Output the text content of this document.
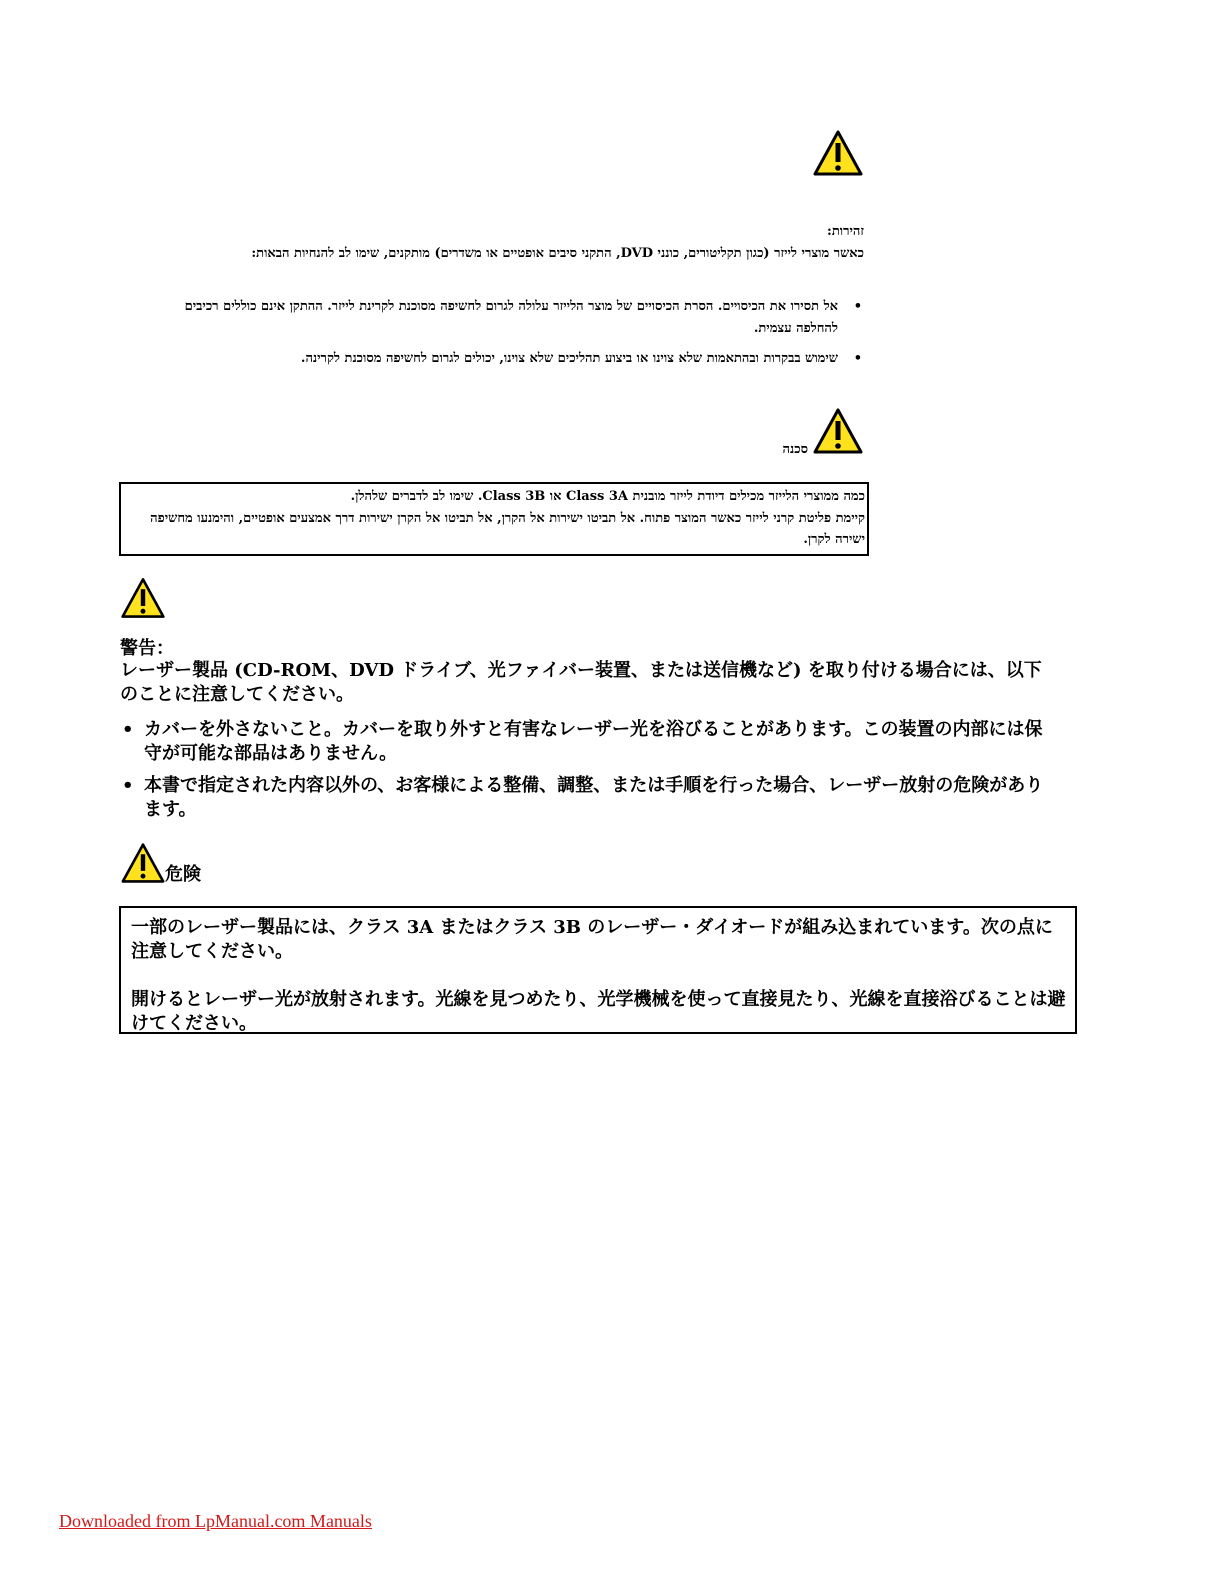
זהירות:
כאשר מוצרי לייזר (כגון תקליטורים, כונני DVD, התקני סיבים אופטיים או משדרים) מותקנים, שימו לב להנחיות הבאות:
•
אל תסירו את הכיסויים. הסרת הכיסויים של מוצר הלייזר עלולה לגרום לחשיפה מסוכנת לקרינת לייזר. ההתקן אינם כוללים רכיבים להחלפה עצמית.
•
שימוש בבקרות ובהתאמות שלא צוינו או ביצוע תהליכים שלא צוינו, יכולים לגרום לחשיפה מסוכנת לקרינה.
סכנה

כמה ממוצרי הלייזר מכילים דיודת לייזר מובנית Class 3A או Class 3B. שימו לב לדברים שלהלן.

קיימת פליטת קרני לייזר כאשר המוצר פתוח. אל תביטו ישירות אל הקרן, אל תביטו אל הקרן ישירות דרך אמצעים אופטיים, והימנעו מחשיפה ישירה לקרן.

警告：

レーザー製品 (CD-ROM、DVD ドライブ、光ファイバー装置、または送信機など) を取り付ける場合には、以下のことに注意してください。

• カバーを外さないこと。カバーを取り外すと有害なレーザー光を浴びることがあります。この装置の内部には保守が可能な部品はありません。
• 本書で指定された内容以外の、お客様による整備、調整、または手順を行った場合、レーザー放射の危険があります。
危険

一部のレーザー製品には、クラス 3A またはクラス 3B のレーザー・ダイオードが組み込まれています。次の点に注意してください。

開けるとレーザー光が放射されます。光線を見つめたり、光学機械を使って直接見たり、光線を直接浴びることは避けてください。

Downloaded from LpManual.com Manuals
